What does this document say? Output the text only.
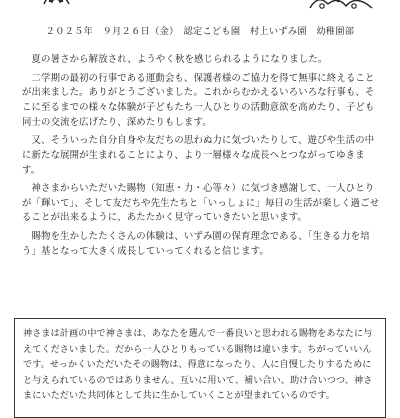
２０２５年　９月２６日（金）　 認定こども園　村上いずみ園　 幼稚園部

　夏の暑さから解放され、ようやく秋を感じられるようになりました。

　二学期の最初の行事である運動会も、保護者様のご協力を得て無事に終えることが出来ました。ありがとうございました。これからむかえるいろいろな行事も、そこに至るまでの様々な体験が子どもたち一人ひとりの活動意欲を高めたり、子ども同士の交流を広げたり、深めたりもします。

　又、そういった自分自身や友だちの思わぬ力に気づいたりして、遊びや生活の中に新たな展開が生まれることにより、より一層様々な成長へとつながってゆきます。

　神さまからいただいた賜物（知恵・力・心等々）に気づき感謝して、一人ひとりが「輝いて」、そして友だちや先生たちと「いっしょに」毎日の生活が楽しく過ごせることが出来るように、あたたかく見守っていきたいと思います。

　賜物を生かしたたくさんの体験は、いずみ園の保育理念である、「生きる力を培う」基となって大きく成長していってくれると信じます。

神さまは計画の中で神さまは、あなたを選んで一番良いと思われる賜物をあなたに与えてくださいました。だから一人ひとりもっている賜物は違います。ちがっていいんです。せっかくいただいたその賜物は、得意になったり、人に自慢したりするためにと与えられているのではありません。互いに用いて、補い合い、助け合いつつ、神さまにいただいた共同体として共に生かしていくことが望まれているのです。
